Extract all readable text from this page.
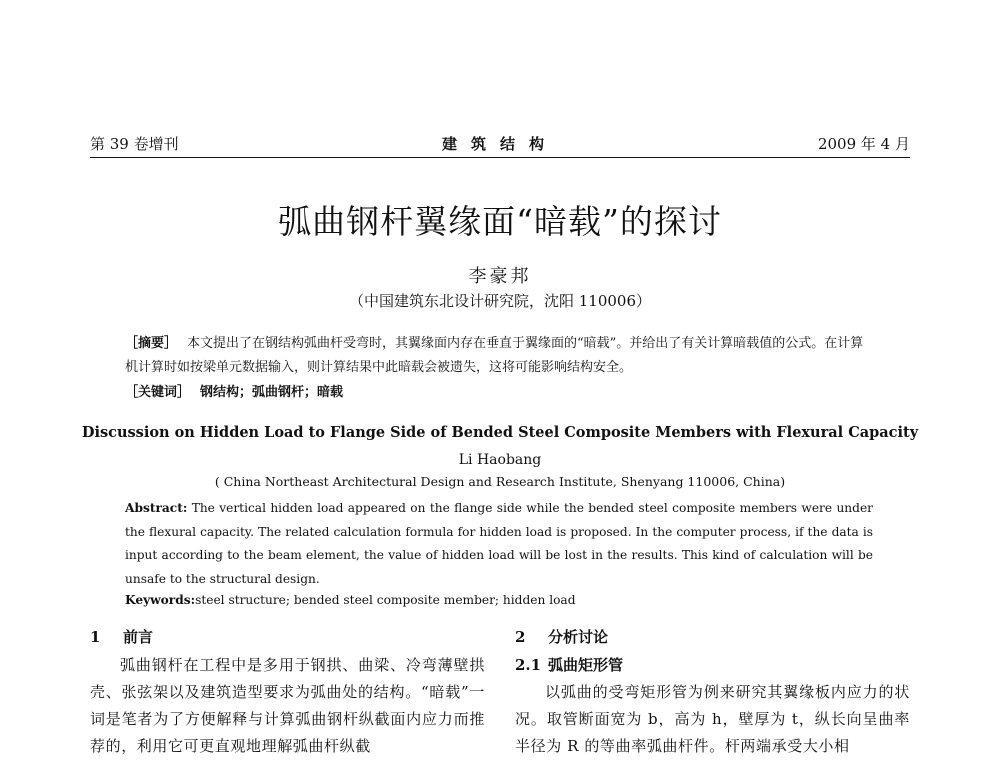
第 39 卷增刊	建筑结构	2009 年 4 月
弧曲钢杆翼缘面“暗载”的探讨
李豪邦
（中国建筑东北设计研究院，沈阳 110006）
［摘要］ 本文提出了在钢结构弧曲杆受弯时，其翼缘面内存在垂直于翼缘面的“暗载”。并给出了有关计算暗载值的公式。在计算机计算时如按梁单元数据输入，则计算结果中此暗载会被遗失，这将可能影响结构安全。
［关键词］ 钢结构；弧曲钢杆；暗载
Discussion on Hidden Load to Flange Side of Bended Steel Composite Members with Flexural Capacity
Li Haobang
( China Northeast Architectural Design and Research Institute, Shenyang 110006, China)
Abstract: The vertical hidden load appeared on the flange side while the bended steel composite members were under the flexural capacity. The related calculation formula for hidden load is proposed. In the computer process, if the data is input according to the beam element, the value of hidden load will be lost in the results. This kind of calculation will be unsafe to the structural design.
Keywords:steel structure; bended steel composite member; hidden load
1 前言
弧曲钢杆在工程中是多用于钢拱、曲梁、冷弯薄壁拱壳、张弦架以及建筑造型要求为弧曲处的结构。“暗载”一词是笔者为了方便解释与计算弧曲钢杆纵截面内应力而推荐的，利用它可更直观地理解弧曲杆纵截
2 分析讨论
2.1 弧曲矩形管
以弧曲的受弯矩形管为例来研究其翼缘板内应力的状况。取管断面宽为 b，高为 h，壁厚为 t，纵长向呈曲率半径为 R 的等曲率弧曲杆件。杆两端承受大小相
